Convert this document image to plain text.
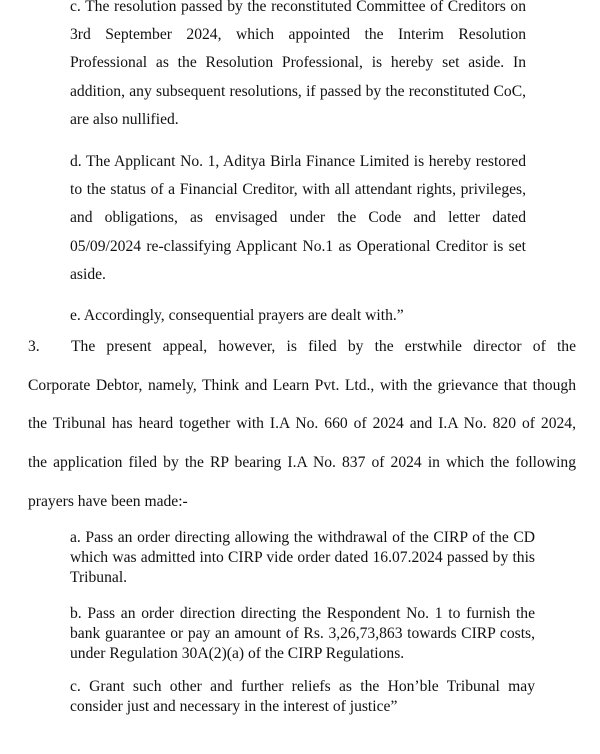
c. The resolution passed by the reconstituted Committee of Creditors on 3rd September 2024, which appointed the Interim Resolution Professional as the Resolution Professional, is hereby set aside. In addition, any subsequent resolutions, if passed by the reconstituted CoC, are also nullified.

d. The Applicant No. 1, Aditya Birla Finance Limited is hereby restored to the status of a Financial Creditor, with all attendant rights, privileges, and obligations, as envisaged under the Code and letter dated 05/09/2024 re-classifying Applicant No.1 as Operational Creditor is set aside.

e. Accordingly, consequential prayers are dealt with.”

3. The present appeal, however, is filed by the erstwhile director of the
Corporate Debtor, namely, Think and Learn Pvt. Ltd., with the grievance that though
the Tribunal has heard together with I.A No. 660 of 2024 and I.A No. 820 of 2024,
the application filed by the RP bearing I.A No. 837 of 2024 in which the following
prayers have been made:-

a. Pass an order directing allowing the withdrawal of the CIRP of the CD which was admitted into CIRP vide order dated 16.07.2024 passed by this Tribunal.

b. Pass an order direction directing the Respondent No. 1 to furnish the bank guarantee or pay an amount of Rs. 3,26,73,863 towards CIRP costs, under Regulation 30A(2)(a) of the CIRP Regulations.

c. Grant such other and further reliefs as the Hon’ble Tribunal may consider just and necessary in the interest of justice”
